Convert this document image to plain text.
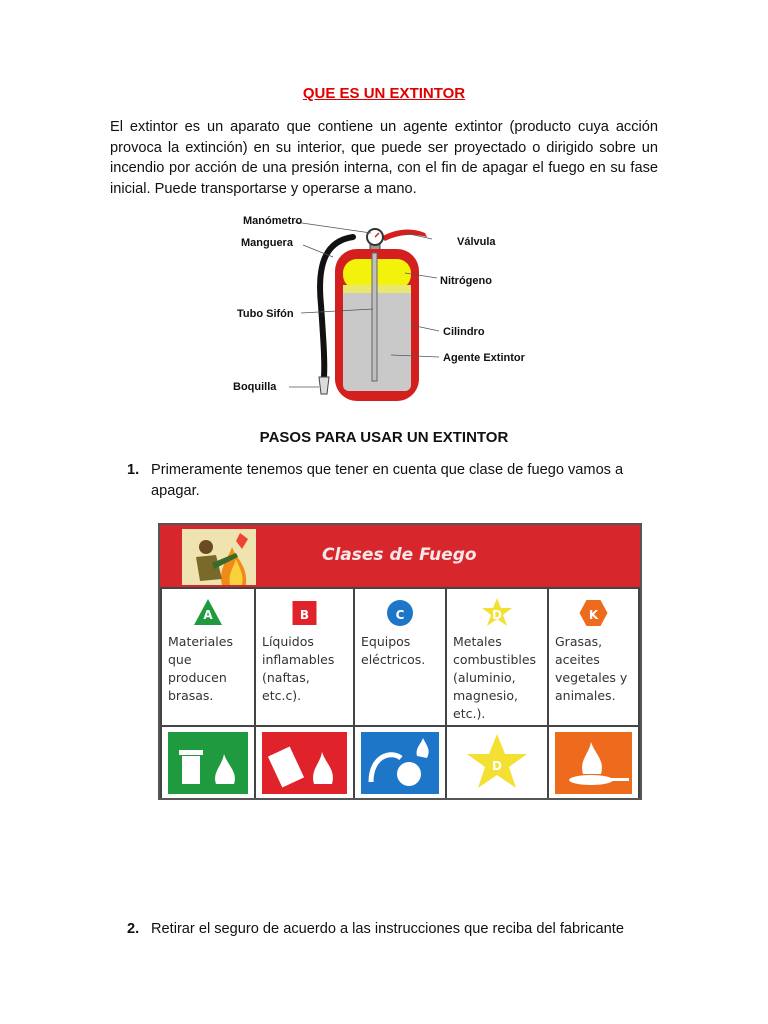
QUE ES UN EXTINTOR
El extintor es un aparato que contiene un agente extintor (producto cuya acción provoca la extinción) en su interior, que puede ser proyectado o dirigido sobre un incendio por acción de una presión interna, con el fin de apagar el fuego en su fase inicial. Puede transportarse y operarse a mano.
Manómetro
Manguera	Válvula
Nitrógeno
Tubo Sifón
Cilindro
Agente Extintor
Boquilla
PASOS PARA USAR UN EXTINTOR
1. Primeramente tenemos que tener en cuenta que clase de fuego vamos a apagar.
Clases de Fuego
A
Materiales que producen brasas.
B
Líquidos inflamables (naftas, etc.c).
C
Equipos eléctricos.
D
Metales combustibles (aluminio, magnesio, etc.).
D
K
Grasas, aceites vegetales y animales.
2. Retirar el seguro de acuerdo a las instrucciones que reciba del fabricante
